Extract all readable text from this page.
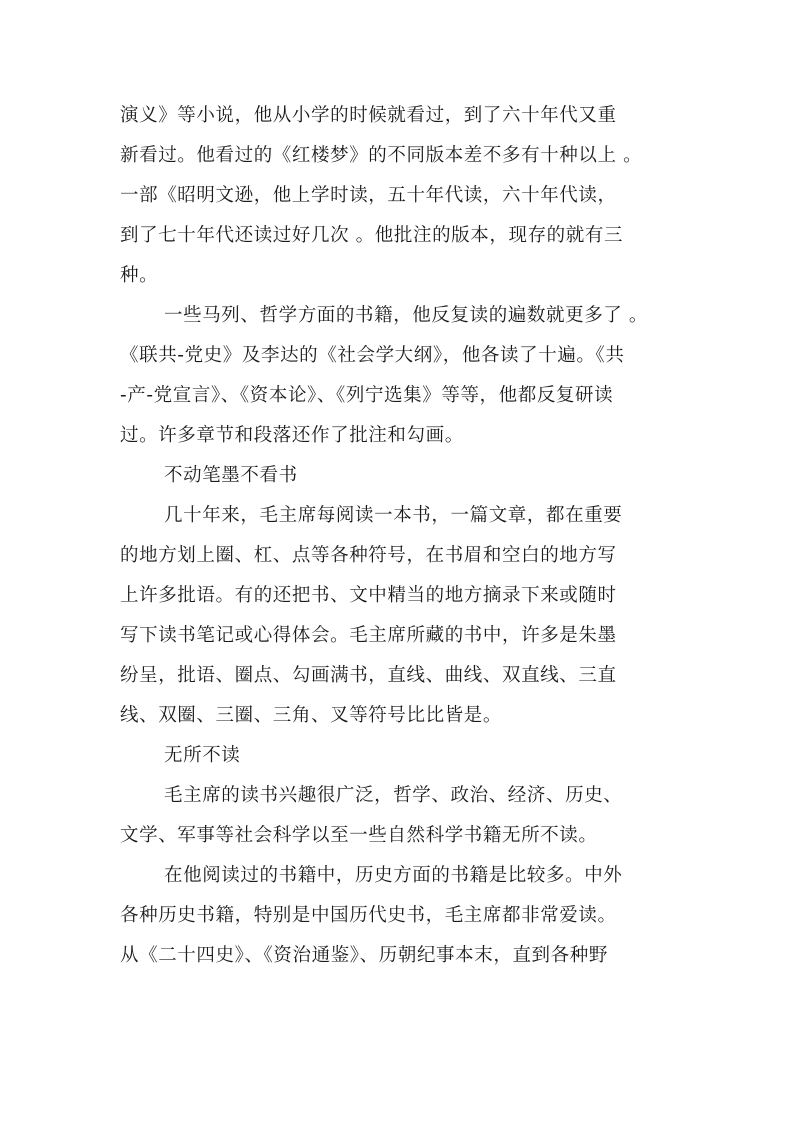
演义》等小说，他从小学的时候就看过，到了六十年代又重
新看过。他看过的《红楼梦》的不同版本差不多有十种以上 。
一部《昭明文逊，他上学时读，五十年代读，六十年代读，
到了七十年代还读过好几次 。他批注的版本，现存的就有三
种。
一些马列、哲学方面的书籍，他反复读的遍数就更多了 。
《联共-党史》及李达的《社会学大纲》，他各读了十遍。《共
-产-党宣言》、《资本论》、《列宁选集》等等，他都反复研读
过。许多章节和段落还作了批注和勾画。
不动笔墨不看书
几十年来，毛主席每阅读一本书，一篇文章，都在重要
的地方划上圈、杠、点等各种符号，在书眉和空白的地方写
上许多批语。有的还把书、文中精当的地方摘录下来或随时
写下读书笔记或心得体会。毛主席所藏的书中，许多是朱墨
纷呈，批语、圈点、勾画满书，直线、曲线、双直线、三直
线、双圈、三圈、三角、叉等符号比比皆是。
无所不读
毛主席的读书兴趣很广泛，哲学、政治、经济、历史、
文学、军事等社会科学以至一些自然科学书籍无所不读。
在他阅读过的书籍中，历史方面的书籍是比较多。中外
各种历史书籍，特别是中国历代史书，毛主席都非常爱读。
从《二十四史》、《资治通鉴》、历朝纪事本末，直到各种野
